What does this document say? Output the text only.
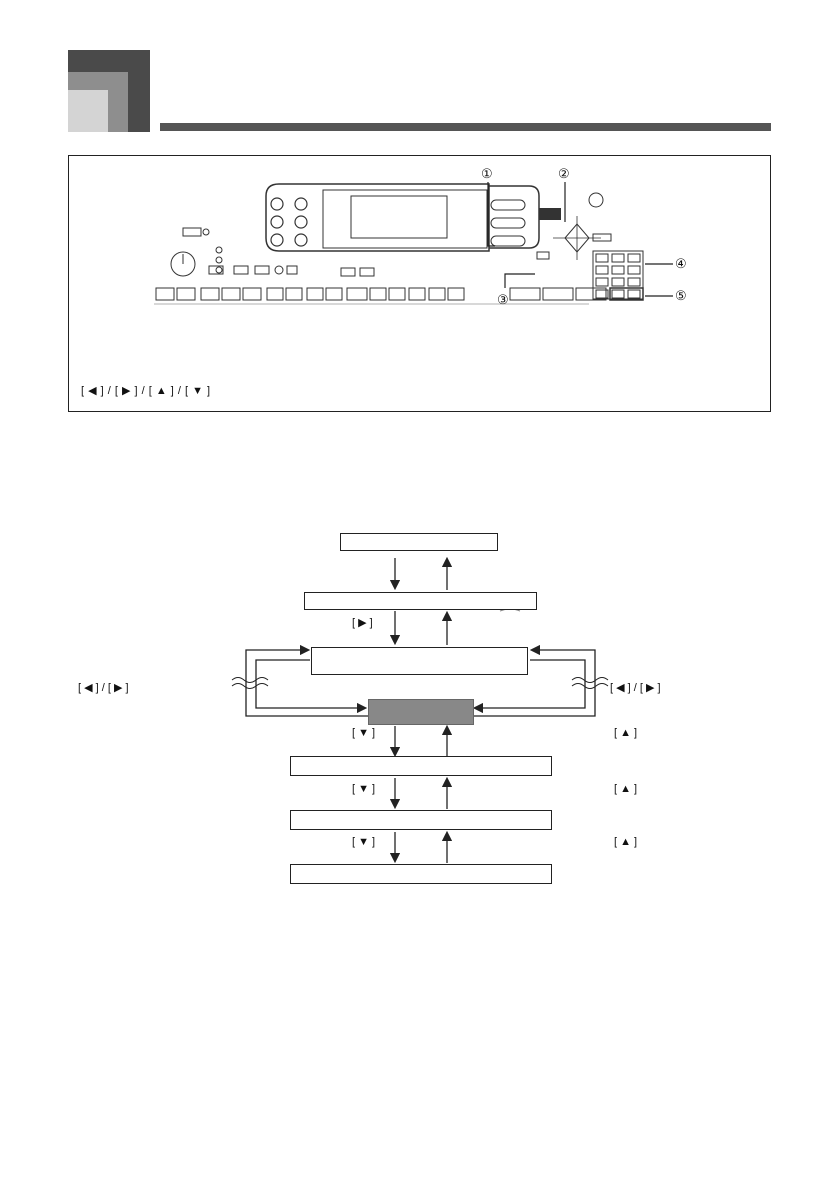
①	②
③
④
⑤
[ ◀ ] / [ ▶ ] / [ ▲ ] / [ ▼ ]
[ ▶ ]
[ ◀ ] / [ ▶ ]	[ ◀ ] / [ ▶ ]
[ ▼ ]
[ ▼ ]
[ ▼ ]
[ ▲ ]
[ ▲ ]
[ ▲ ]
